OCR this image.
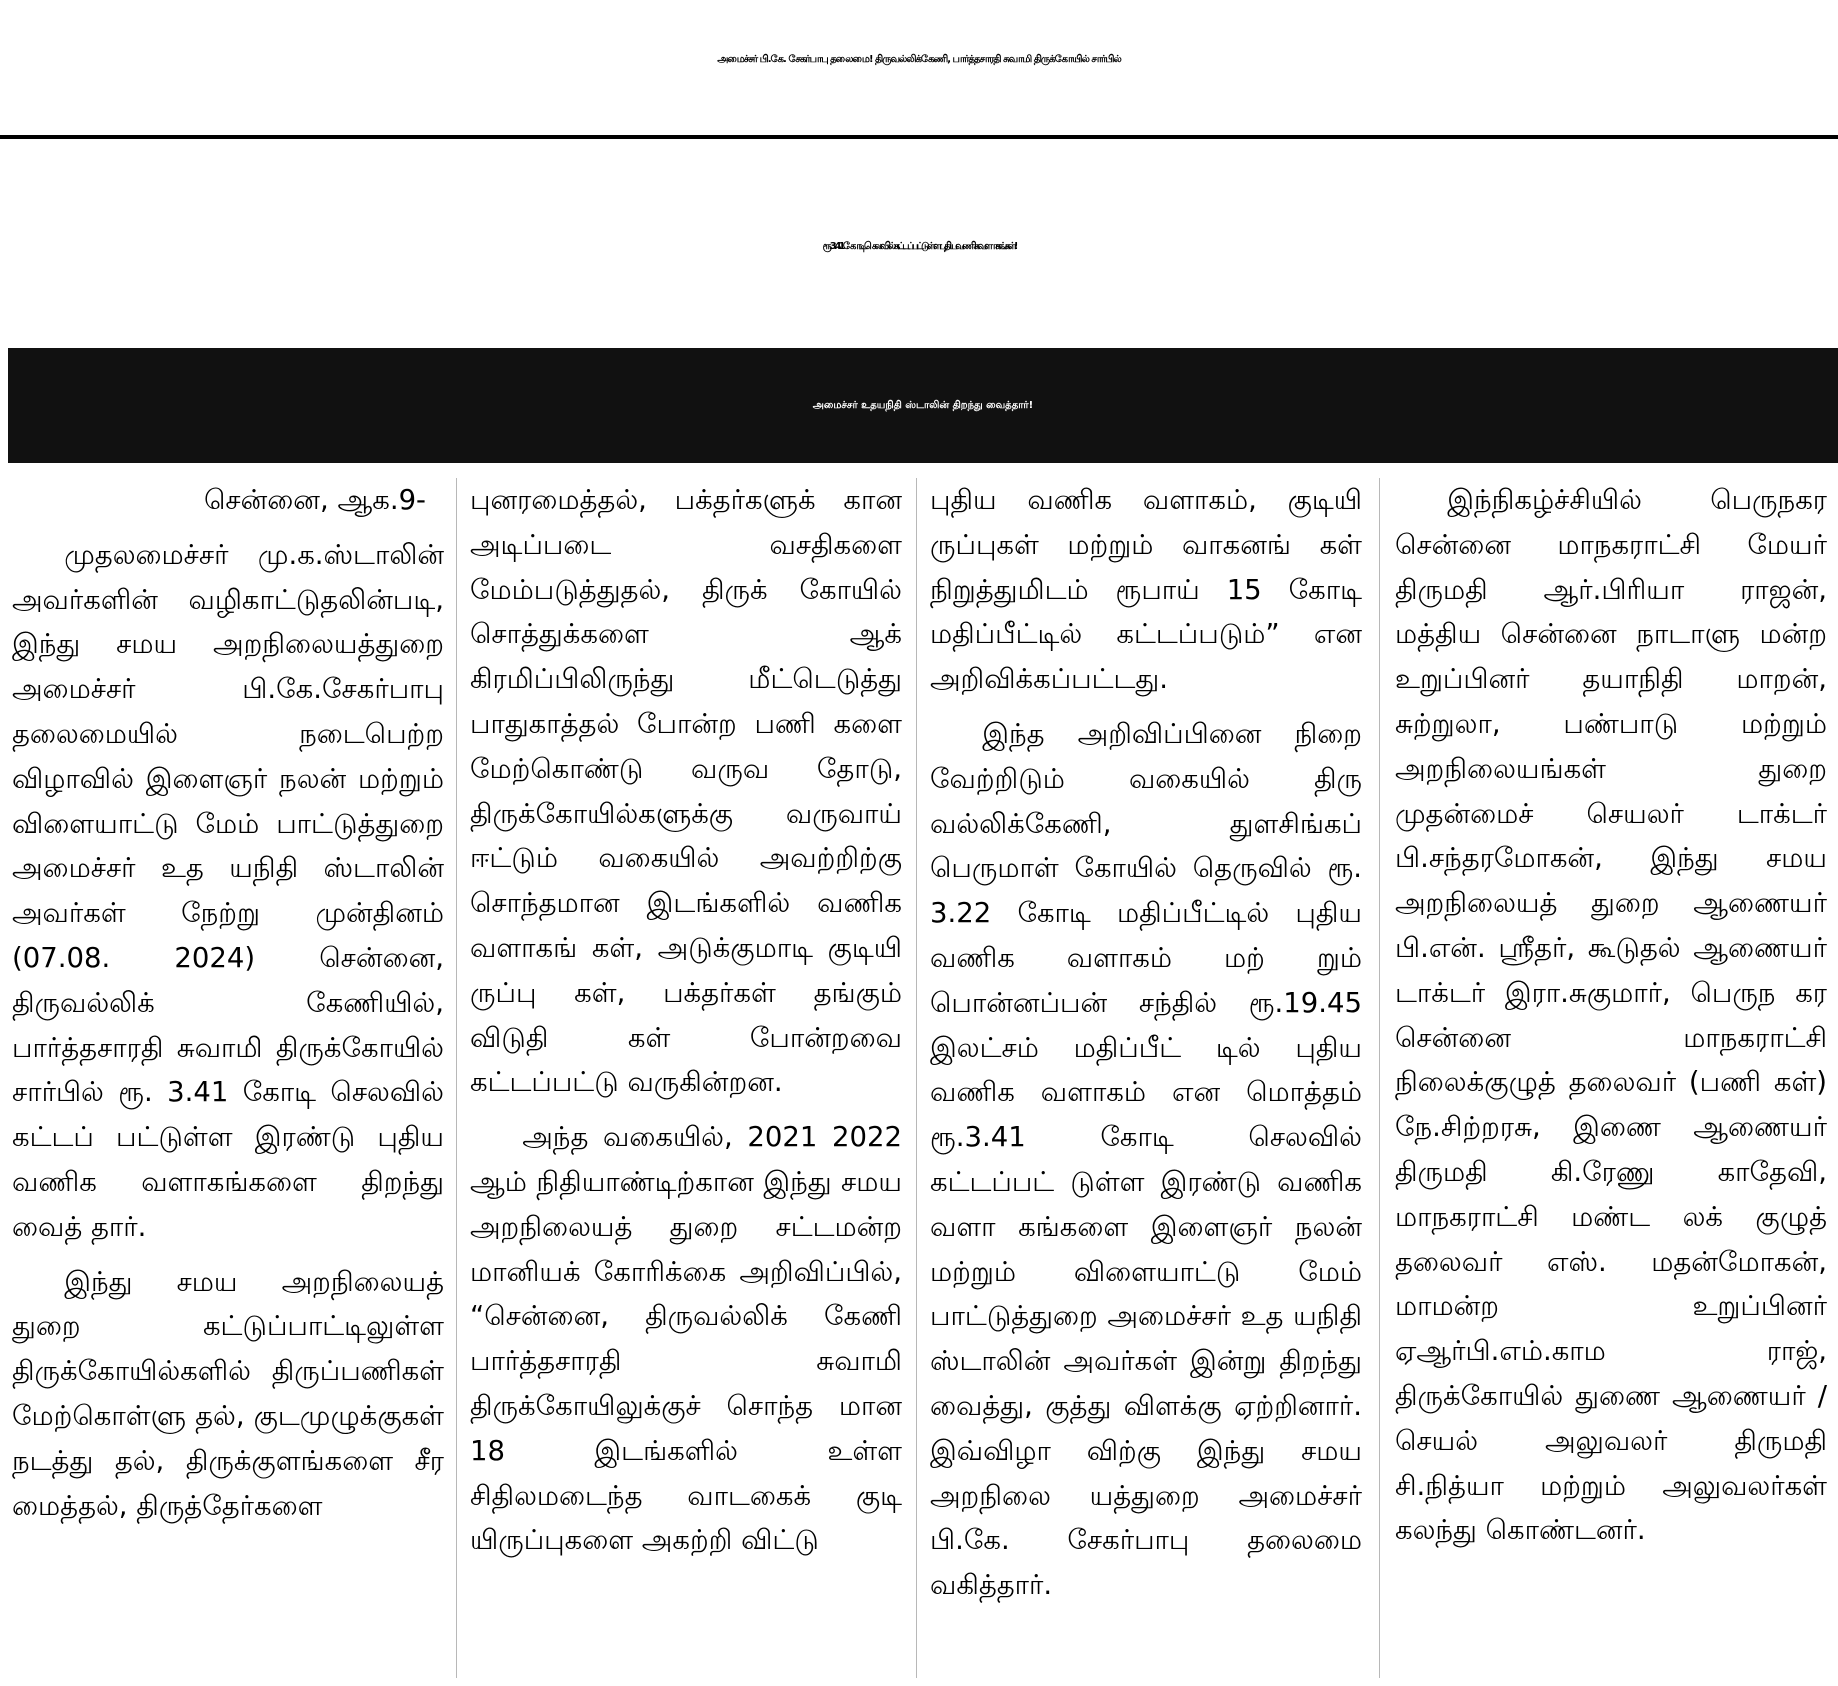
அமைச்சர் பி.கே. சேகர்பாபு தலைமை! திருவல்லிக்கேணி, பார்த்தசாரதி சுவாமி திருக்கோயில் சார்பில்
ரூ.3.41 கோடி செலவில் கட்டப்பட்டுள்ள புதிய வணிக வளாகங்கள்!
அமைச்சர் உதயநிதி ஸ்டாலின் திறந்து வைத்தார்!

சென்னை, ஆக.9-

முதலமைச்சர் மு.க.ஸ்டாலின் அவர்களின் வழிகாட்டுதலின்படி, இந்து சமய அறநிலையத்துறை அமைச்சர் பி.கே.சேகர்பாபு தலைமையில் நடைபெற்ற விழாவில் இளைஞர் நலன் மற்றும் விளையாட்டு மேம் பாட்டுத்துறை அமைச்சர் உத யநிதி ஸ்டாலின் அவர்கள் நேற்று முன்தினம் (07.08. 2024) சென்னை, திருவல்லிக் கேணியில், பார்த்தசாரதி சுவாமி திருக்கோயில் சார்பில் ரூ. 3.41 கோடி செலவில் கட்டப் பட்டுள்ள இரண்டு புதிய வணிக வளாகங்களை திறந்து வைத் தார்.

இந்து சமய அறநிலையத் துறை கட்டுப்பாட்டிலுள்ள திருக்கோயில்களில் திருப்பணிகள் மேற்கொள்ளு தல், குடமுழுக்குகள் நடத்து தல், திருக்குளங்களை சீர மைத்தல், திருத்தேர்களை

புனரமைத்தல், பக்தர்களுக் கான அடிப்படை வசதிகளை மேம்படுத்துதல், திருக் கோயில் சொத்துக்களை ஆக் கிரமிப்பிலிருந்து மீட்டெடுத்து பாதுகாத்தல் போன்ற பணி களை மேற்கொண்டு வருவ தோடு, திருக்கோயில்களுக்கு வருவாய் ஈட்டும் வகையில் அவற்றிற்கு சொந்தமான இடங்களில் வணிக வளாகங் கள், அடுக்குமாடி குடியி ருப்பு கள், பக்தர்கள் தங்கும் விடுதி கள் போன்றவை கட்டப்பட்டு வருகின்றன.

அந்த வகையில், 2021 2022 ஆம் நிதியாண்டிற்கான இந்து சமய அறநிலையத் துறை சட்டமன்ற மானியக் கோரிக்கை அறிவிப்பில், “சென்னை, திருவல்லிக் கேணி பார்த்தசாரதி சுவாமி திருக்கோயிலுக்குச் சொந்த மான 18 இடங்களில் உள்ள சிதிலமடைந்த வாடகைக் குடி யிருப்புகளை அகற்றி விட்டு

புதிய வணிக வளாகம், குடியி ருப்புகள் மற்றும் வாகனங் கள் நிறுத்துமிடம் ரூபாய் 15 கோடி மதிப்பீட்டில் கட்டப்படும்” என அறிவிக்கப்பட்டது.

இந்த அறிவிப்பினை நிறை வேற்றிடும் வகையில் திரு வல்லிக்கேணி, துளசிங்கப் பெருமாள் கோயில் தெருவில் ரூ. 3.22 கோடி மதிப்பீட்டில் புதிய வணிக வளாகம் மற் றும் பொன்னப்பன் சந்தில் ரூ.19.45 இலட்சம் மதிப்பீட் டில் புதிய வணிக வளாகம் என மொத்தம் ரூ.3.41 கோடி செலவில் கட்டப்பட் டுள்ள இரண்டு வணிக வளா கங்களை இளைஞர் நலன் மற்றும் விளையாட்டு மேம் பாட்டுத்துறை அமைச்சர் உத யநிதி ஸ்டாலின் அவர்கள் இன்று திறந்து வைத்து, குத்து விளக்கு ஏற்றினார். இவ்விழா விற்கு இந்து சமய அறநிலை யத்துறை அமைச்சர் பி.கே. சேகர்பாபு தலைமை வகித்தார்.

இந்நிகழ்ச்சியில் பெருநகர சென்னை மாநகராட்சி மேயர் திருமதி ஆர்.பிரியா ராஜன், மத்திய சென்னை நாடாளு மன்ற உறுப்பினர் தயாநிதி மாறன், சுற்றுலா, பண்பாடு மற்றும் அறநிலையங்கள் துறை முதன்மைச் செயலர் டாக்டர் பி.சந்தரமோகன், இந்து சமய அறநிலையத் துறை ஆணையர் பி.என். ஸ்ரீதர், கூடுதல் ஆணையர் டாக்டர் இரா.சுகுமார், பெருந கர சென்னை மாநகராட்சி நிலைக்குழுத் தலைவர் (பணி கள்) நே.சிற்றரசு, இணை ஆணையர் திருமதி கி.ரேணு காதேவி, மாநகராட்சி மண்ட லக் குழுத் தலைவர் எஸ். மதன்மோகன், மாமன்ற உறுப்பினர் ஏஆர்பி.எம்.காம ராஜ், திருக்கோயில் துணை ஆணையர் / செயல் அலுவலர் திருமதி சி.நித்யா மற்றும் அலுவலர்கள் கலந்து கொண்டனர்.
